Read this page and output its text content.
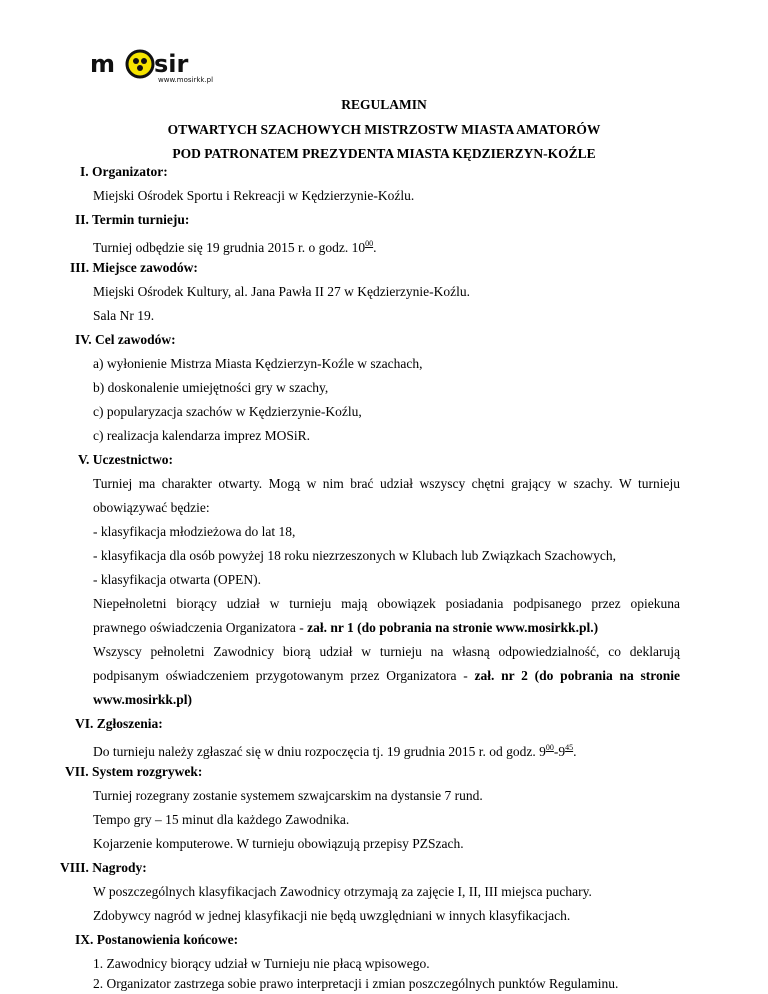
m sir
www.mosirkk.pl
REGULAMIN
OTWARTYCH SZACHOWYCH MISTRZOSTW MIASTA AMATORÓW
POD PATRONATEM PREZYDENTA MIASTA KĘDZIERZYN-KOŹLE
I. Organizator:
Miejski Ośrodek Sportu i Rekreacji w Kędzierzynie-Koźlu.
II. Termin turnieju:
Turniej odbędzie się 19 grudnia 2015 r. o godz. $10^{00}$.
III. Miejsce zawodów:
Miejski Ośrodek Kultury, al. Jana Pawła II 27 w Kędzierzynie-Koźlu.
Sala Nr 19.
IV. Cel zawodów:
a) wyłonienie Mistrza Miasta Kędzierzyn-Koźle w szachach,
b) doskonalenie umiejętności gry w szachy,
c) popularyzacja szachów w Kędzierzynie-Koźlu,
c) realizacja kalendarza imprez MOSiR.
V. Uczestnictwo:
Turniej ma charakter otwarty. Mogą w nim brać udział wszyscy chętni grający w szachy. W turnieju
obowiązywać będzie:
- klasyfikacja młodzieżowa do lat 18,
- klasyfikacja dla osób powyżej 18 roku niezrzeszonych w Klubach lub Związkach Szachowych,
- klasyfikacja otwarta (OPEN).
Niepełnoletni biorący udział w turnieju mają obowiązek posiadania podpisanego przez opiekuna
prawnego oświadczenia Organizatora - zał. nr 1 (do pobrania na stronie www.mosirkk.pl.)
Wszyscy pełnoletni Zawodnicy biorą udział w turnieju na własną odpowiedzialność, co deklarują
podpisanym oświadczeniem przygotowanym przez Organizatora - zał. nr 2 (do pobrania na stronie
www.mosirkk.pl)
VI. Zgłoszenia:
Do turnieju należy zgłaszać się w dniu rozpoczęcia tj. 19 grudnia 2015 r. od godz. $9^{00}-9^{45}$.
VII. System rozgrywek:
Turniej rozegrany zostanie systemem szwajcarskim na dystansie 7 rund.
Tempo gry – 15 minut dla każdego Zawodnika.
Kojarzenie komputerowe. W turnieju obowiązują przepisy PZSzach.
VIII. Nagrody:
W poszczególnych klasyfikacjach Zawodnicy otrzymają za zajęcie I, II, III miejsca puchary.
Zdobywcy nagród w jednej klasyfikacji nie będą uwzględniani w innych klasyfikacjach.
IX. Postanowienia końcowe:
1. Zawodnicy biorący udział w Turnieju nie płacą wpisowego.
2. Organizator zastrzega sobie prawo interpretacji i zmian poszczególnych punktów Regulaminu.
